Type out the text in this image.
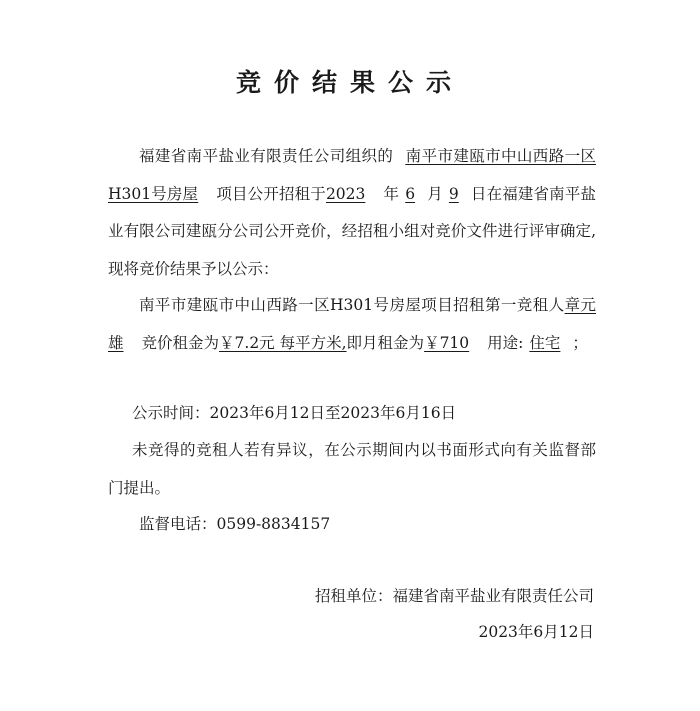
竞价结果公示
福建省南平盐业有限责任公司组织的 南平市建瓯市中山西路一区H301号房屋 项目公开招租于2023 年 6 月 9 日在福建省南平盐业有限公司建瓯分公司公开竞价，经招租小组对竞价文件进行评审确定,现将竞价结果予以公示：
南平市建瓯市中山西路一区H301号房屋项目招租第一竞租人章元雄 竞价租金为￥7.2元 每平方米,即月租金为￥710 用途: 住宅 ；
公示时间：2023年6月12日至2023年6月16日
未竞得的竞租人若有异议，在公示期间内以书面形式向有关监督部门提出。
监督电话：0599-8834157
招租单位：福建省南平盐业有限责任公司
2023年6月12日
